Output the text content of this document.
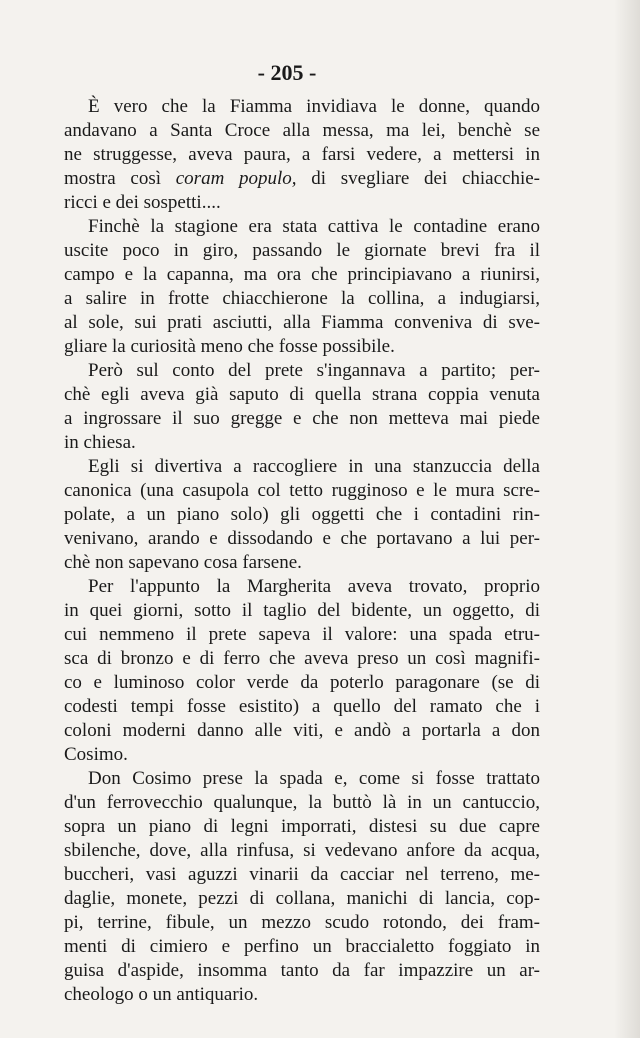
- 205 -
È vero che la Fiamma invidiava le donne, quando
andavano a Santa Croce alla messa, ma lei, benchè se
ne struggesse, aveva paura, a farsi vedere, a mettersi in
mostra così coram populo, di svegliare dei chiacchie-
ricci e dei sospetti....
Finchè la stagione era stata cattiva le contadine erano
uscite poco in giro, passando le giornate brevi fra il
campo e la capanna, ma ora che principiavano a riunirsi,
a salire in frotte chiacchierone la collina, a indugiarsi,
al sole, sui prati asciutti, alla Fiamma conveniva di sve-
gliare la curiosità meno che fosse possibile.
Però sul conto del prete s'ingannava a partito; per-
chè egli aveva già saputo di quella strana coppia venuta
a ingrossare il suo gregge e che non metteva mai piede
in chiesa.
Egli si divertiva a raccogliere in una stanzuccia della
canonica (una casupola col tetto rugginoso e le mura scre-
polate, a un piano solo) gli oggetti che i contadini rin-
venivano, arando e dissodando e che portavano a lui per-
chè non sapevano cosa farsene.
Per l'appunto la Margherita aveva trovato, proprio
in quei giorni, sotto il taglio del bidente, un oggetto, di
cui nemmeno il prete sapeva il valore: una spada etru-
sca di bronzo e di ferro che aveva preso un così magnifi-
co e luminoso color verde da poterlo paragonare (se di
codesti tempi fosse esistito) a quello del ramato che i
coloni moderni danno alle viti, e andò a portarla a don
Cosimo.
Don Cosimo prese la spada e, come si fosse trattato
d'un ferrovecchio qualunque, la buttò là in un cantuccio,
sopra un piano di legni imporrati, distesi su due capre
sbilenche, dove, alla rinfusa, si vedevano anfore da acqua,
buccheri, vasi aguzzi vinarii da cacciar nel terreno, me-
daglie, monete, pezzi di collana, manichi di lancia, cop-
pi, terrine, fibule, un mezzo scudo rotondo, dei fram-
menti di cimiero e perfino un braccialetto foggiato in
guisa d'aspide, insomma tanto da far impazzire un ar-
cheologo o un antiquario.
